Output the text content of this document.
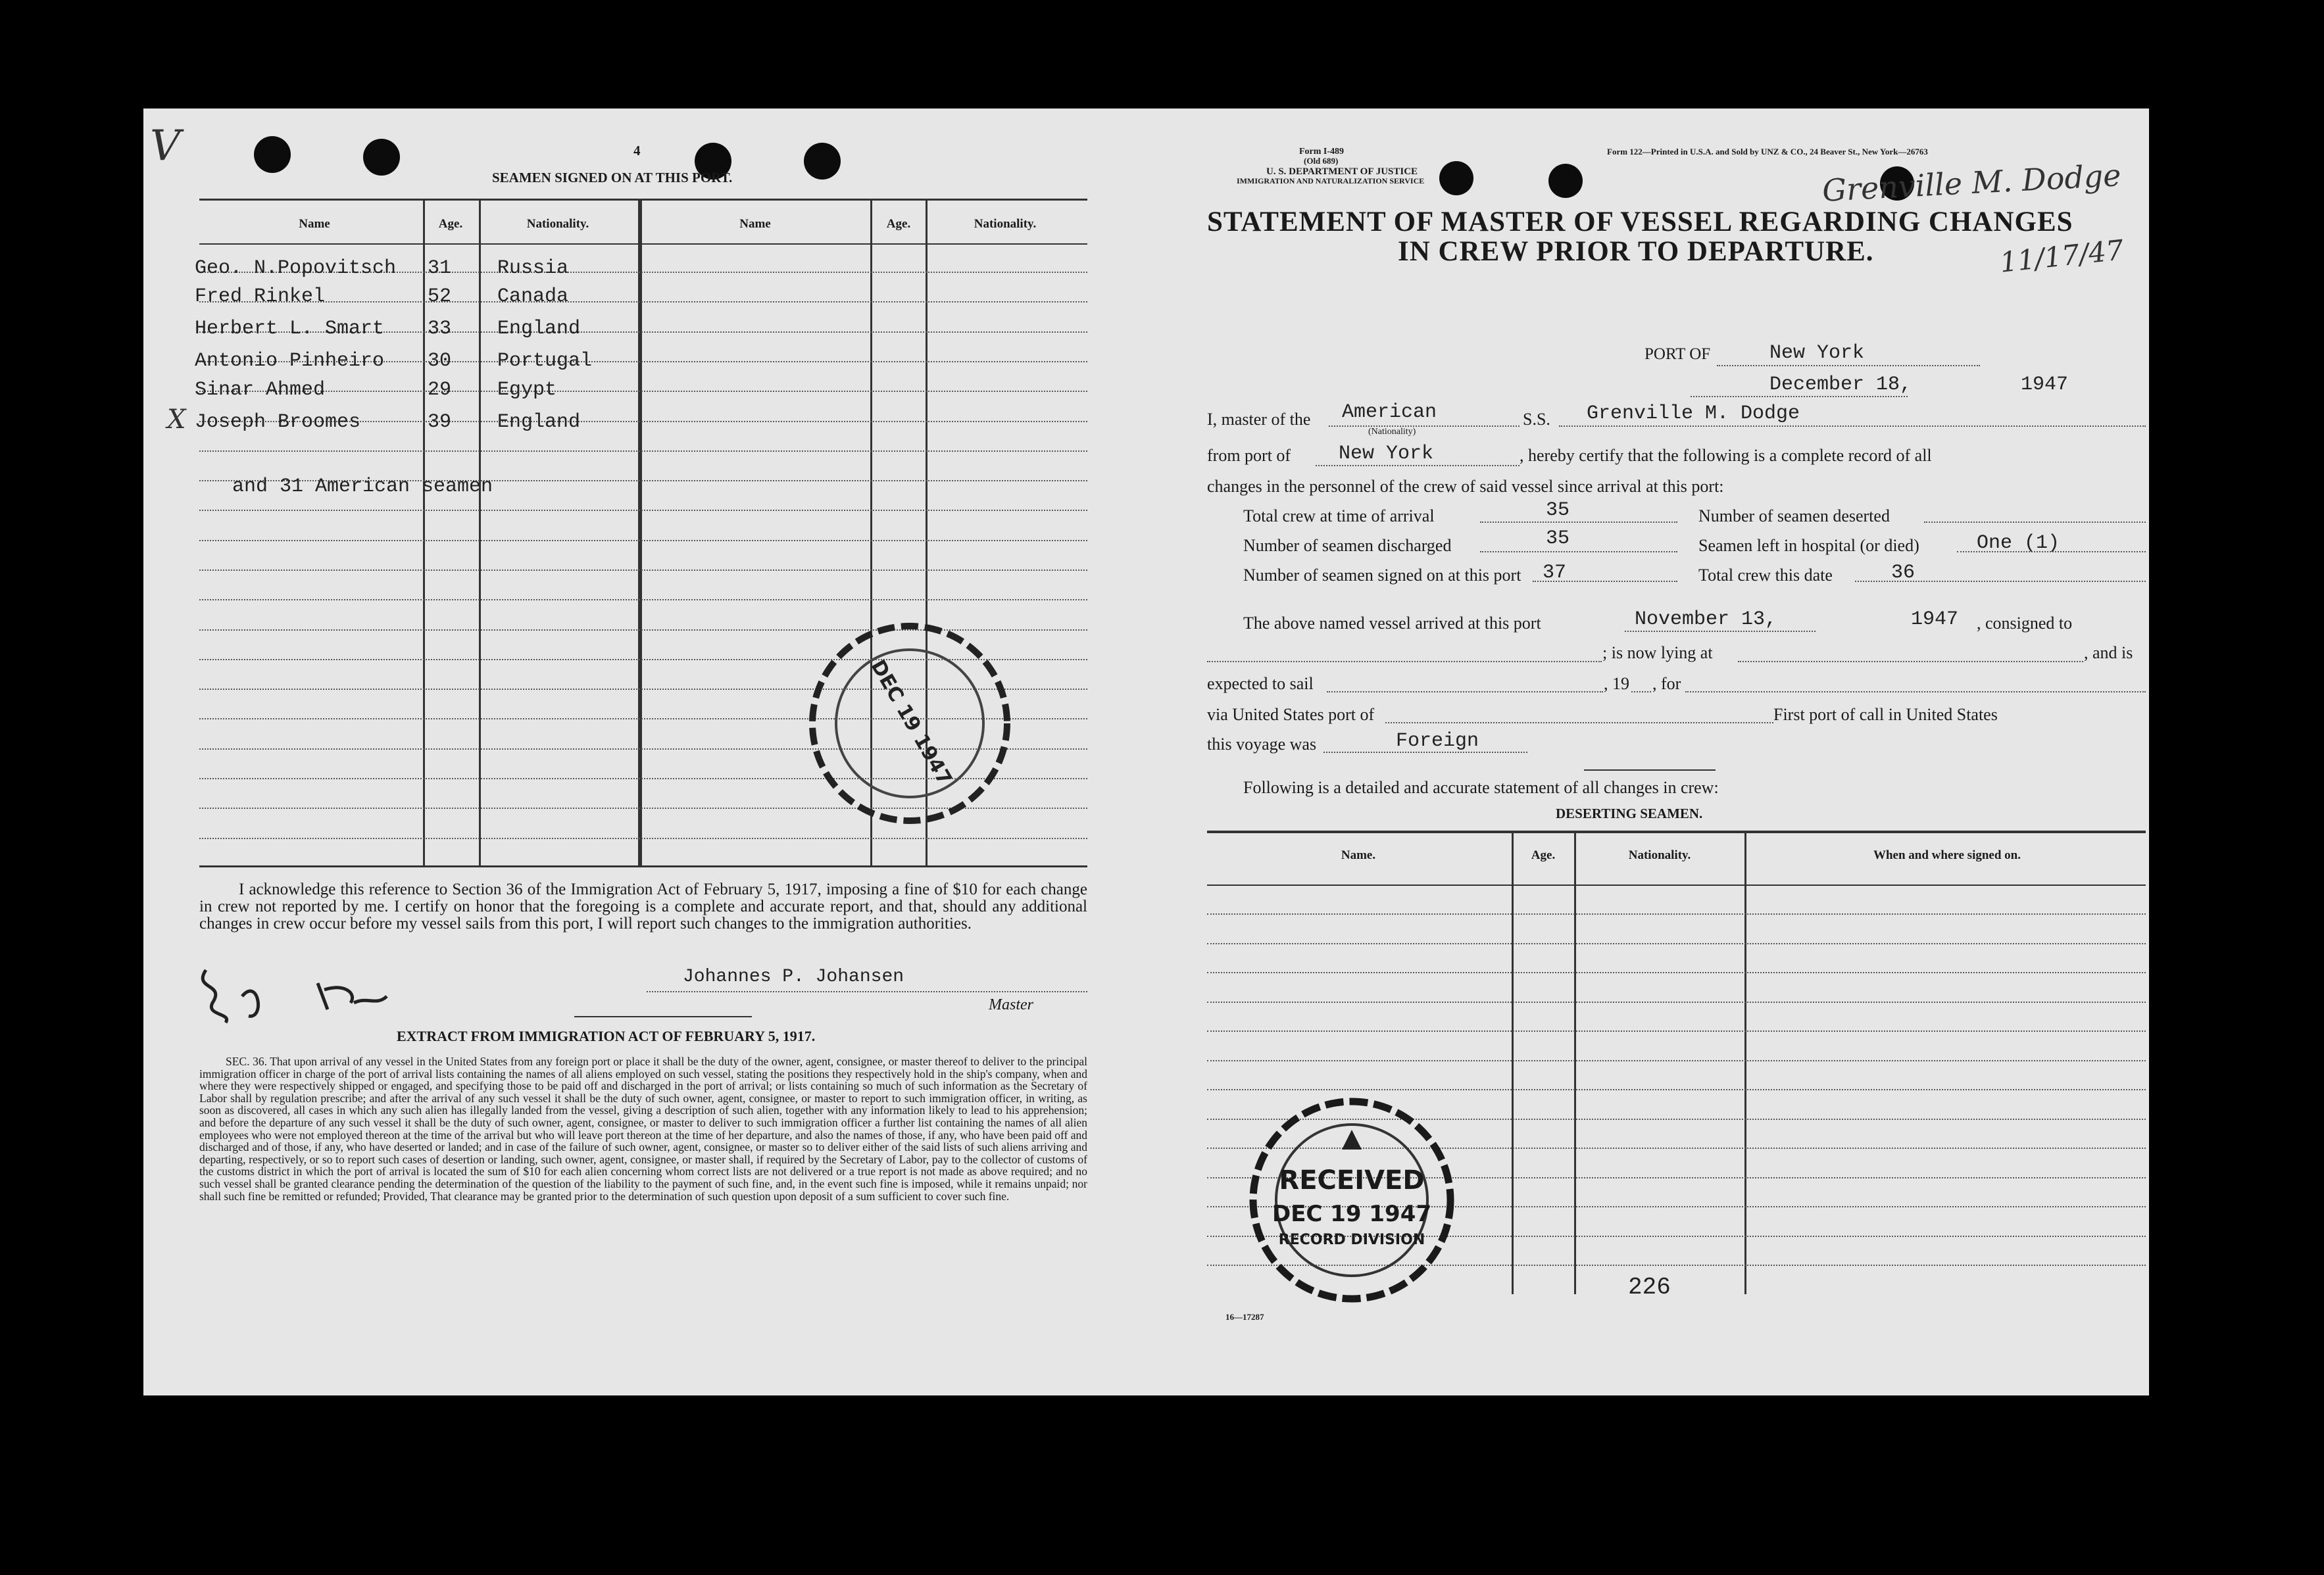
V	4
SEAMEN SIGNED ON AT THIS PORT.
Name	Age.	Nationality.	Name	Age.	Nationality.
Geo. N.Popovitsch 31 Russia
Fred Rinkel	52 Canada
Herbert L. Smart 33 England
Antonio Pinheiro 30 Portugal
Sinar Ahmed	29 Egypt
X Joseph Broomes	39 England
and 31 American seamen
DEC 19 1947
I acknowledge this reference to Section 36 of the Immigration Act of February 5, 1917, imposing a fine of $10 for each change in crew not reported by me. I certify on honor that the foregoing is a complete and accurate report, and that, should any additional changes in crew occur before my vessel sails from this port, I will report such changes to the immigration authorities.
Johannes P. Johansen
Master
EXTRACT FROM IMMIGRATION ACT OF FEBRUARY 5, 1917.
SEC. 36. That upon arrival of any vessel in the United States from any foreign port or place it shall be the duty of the owner, agent, consignee, or master thereof to deliver to the principal immigration officer in charge of the port of arrival lists containing the names of all aliens employed on such vessel, stating the positions they respectively hold in the ship's company, when and where they were respectively shipped or engaged, and specifying those to be paid off and discharged in the port of arrival; or lists containing so much of such information as the Secretary of Labor shall by regulation prescribe; and after the arrival of any such vessel it shall be the duty of such owner, agent, consignee, or master to report to such immigration officer, in writing, as soon as discovered, all cases in which any such alien has illegally landed from the vessel, giving a description of such alien, together with any information likely to lead to his apprehension; and before the departure of any such vessel it shall be the duty of such owner, agent, consignee, or master to deliver to such immigration officer a further list containing the names of all alien employees who were not employed thereon at the time of the arrival but who will leave port thereon at the time of her departure, and also the names of those, if any, who have been paid off and discharged and of those, if any, who have deserted or landed; and in case of the failure of such owner, agent, consignee, or master so to deliver either of the said lists of such aliens arriving and departing, respectively, or so to report such cases of desertion or landing, such owner, agent, consignee, or master shall, if required by the Secretary of Labor, pay to the collector of customs of the customs district in which the port of arrival is located the sum of $10 for each alien concerning whom correct lists are not delivered or a true report is not made as above required; and no such vessel shall be granted clearance pending the determination of the question of the liability to the payment of such fine, and, in the event such fine is imposed, while it remains unpaid; nor shall such fine be remitted or refunded; Provided, That clearance may be granted prior to the determination of such question upon deposit of a sum sufficient to cover such fine.
Form I-489
(Old 689)
U. S. DEPARTMENT OF JUSTICE
IMMIGRATION AND NATURALIZATION SERVICE
Form 122—Printed in U.S.A. and Sold by UNZ & CO., 24 Beaver St., New York—26763
Grenville M. Dodge
11/17/47
STATEMENT OF MASTER OF VESSEL REGARDING CHANGES
IN CREW PRIOR TO DEPARTURE.
PORT OF	New York
December 18,	1947
I, master of the American
(Nationality)
S.S. Grenville M. Dodge
from port of New York	, hereby certify that the following is a complete record of all
changes in the personnel of the crew of said vessel since arrival at this port:
Total crew at time of arrival	35	Number of seamen deserted
Number of seamen discharged	35	Seamen left in hospital (or died)	One (1)
Number of seamen signed on at this port 37	Total crew this date	36
The above named vessel arrived at this port	November 13,	1947 , consigned to
; is now lying at	, and is
expected to sail	, 19 , for
via United States port of	First port of call in United States
this voyage was	Foreign
Following is a detailed and accurate statement of all changes in crew:
DESERTING SEAMEN.
Name.	Age.	Nationality.	When and where signed on.
RECEIVED
DEC 19 1947
RECORD DIVISION
226
16—17287
